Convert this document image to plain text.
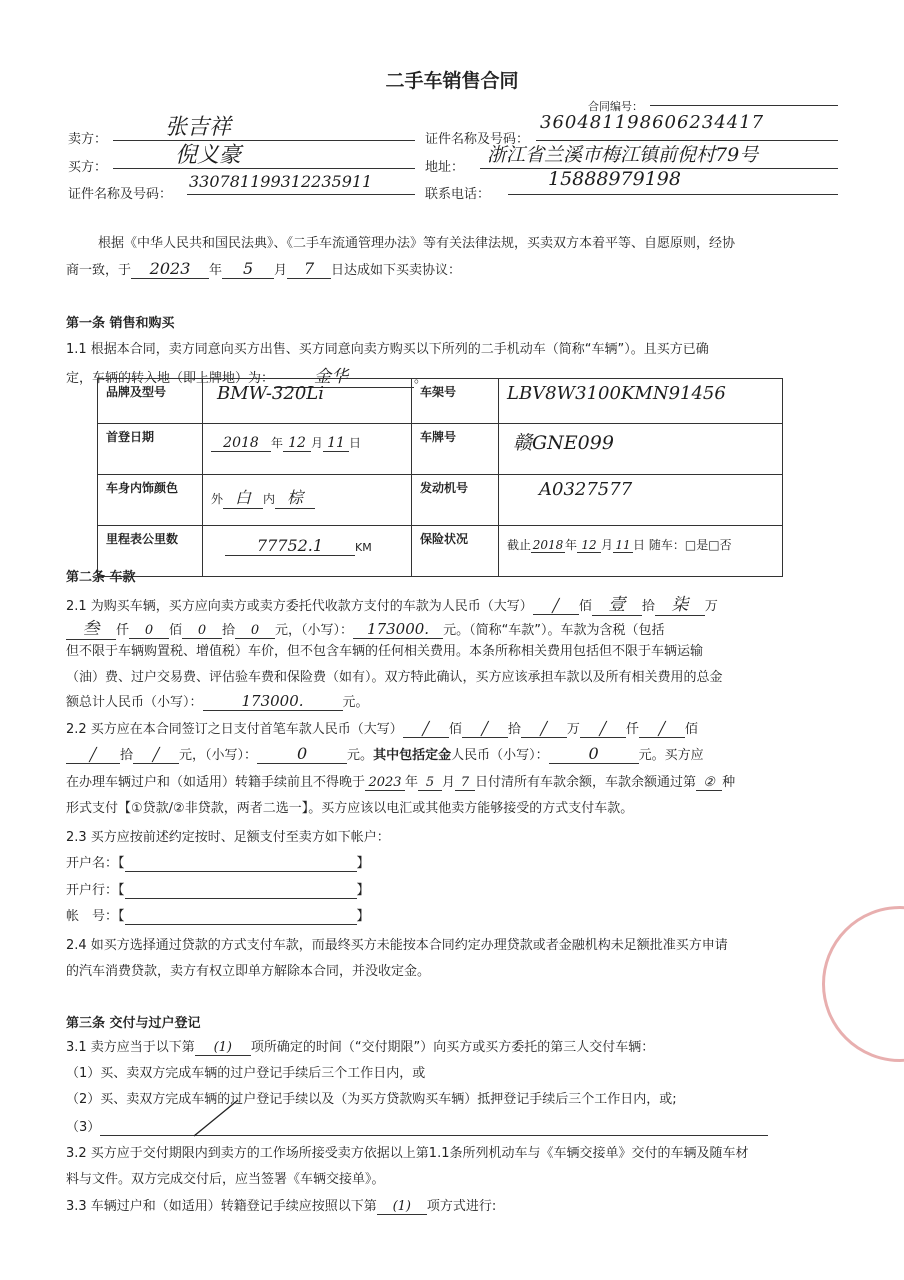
二手车销售合同
合同编号：
卖方：	张吉祥	证件名称及号码：
360481198606234417
买方：	倪义豪	地址：
浙江省兰溪市梅江镇前倪村79号
证件名称及号码：
330781199312235911
联系电话：
15888979198
根据《中华人民共和国民法典》、《二手车流通管理办法》等有关法律法规，买卖双方本着平等、自愿原则，经协
商一致，于 2023 年 5 月 7 日达成如下买卖协议：
第一条 销售和购买
1.1 根据本合同，卖方同意向买方出售、买方同意向卖方购买以下所列的二手机动车（简称“车辆”）。且买方已确
定，车辆的转入地（即上牌地）为： 金华	。
品牌及型号	BMW-320Li	车架号	LBV8W3100KMN91456
首登日期	2018 年 12 月 11 日	车牌号	赣GNE099
车身内饰颜色	外 白 内 棕	发动机号	A0327577
里程表公里数	77752.1 KM	保险状况	截止 2018 年 12 月 11 日 随车：□是□否
第二条 车款
2.1 为购买车辆，买方应向卖方或卖方委托代收款方支付的车款为人民币（大写） ╱ 佰 壹 拾 柒 万
叁 仟 0 佰 0 拾 0 元，（小写）： 173000. 元。（简称“车款”）。车款为含税（包括
但不限于车辆购置税、增值税）车价，但不包含车辆的任何相关费用。本条所称相关费用包括但不限于车辆运输
（油）费、过户交易费、评估验车费和保险费（如有）。双方特此确认，买方应该承担车款以及所有相关费用的总金
额总计人民币（小写）：	173000.	元。
2.2 买方应在本合同签订之日支付首笔车款人民币（大写） ╱ 佰 ╱ 拾 ╱ 万 ╱ 仟 ╱ 佰
╱ 拾 ╱ 元，（小写）： 0	元。其中包括定金人民币（小写）： 0	元。买方应
在办理车辆过户和（如适用）转籍手续前且不得晚于 2023 年 5 月 7 日付清所有车款余额，车款余额通过第 ② 种
形式支付【①贷款/②非贷款，两者二选一】。买方应该以电汇或其他卖方能够接受的方式支付车款。
2.3 买方应按前述约定按时、足额支付至卖方如下帐户：
开户名：【	】
开户行：【	】
帐　号：【	】
2.4 如买方选择通过贷款的方式支付车款，而最终买方未能按本合同约定办理贷款或者金融机构未足额批准买方申请
的汽车消费贷款，卖方有权立即单方解除本合同，并没收定金。
第三条 交付与过户登记
3.1 卖方应当于以下第 (1) 项所确定的时间（“交付期限”）向买方或买方委托的第三人交付车辆：
（1）买、卖双方完成车辆的过户登记手续后三个工作日内，或
（2）买、卖双方完成车辆的过户登记手续以及（为买方贷款购买车辆）抵押登记手续后三个工作日内，或;
（3）
3.2 买方应于交付期限内到卖方的工作场所接受卖方依据以上第1.1条所列机动车与《车辆交接单》交付的车辆及随车材
料与文件。双方完成交付后，应当签署《车辆交接单》。
3.3 车辆过户和（如适用）转籍登记手续应按照以下第 (1) 项方式进行:
